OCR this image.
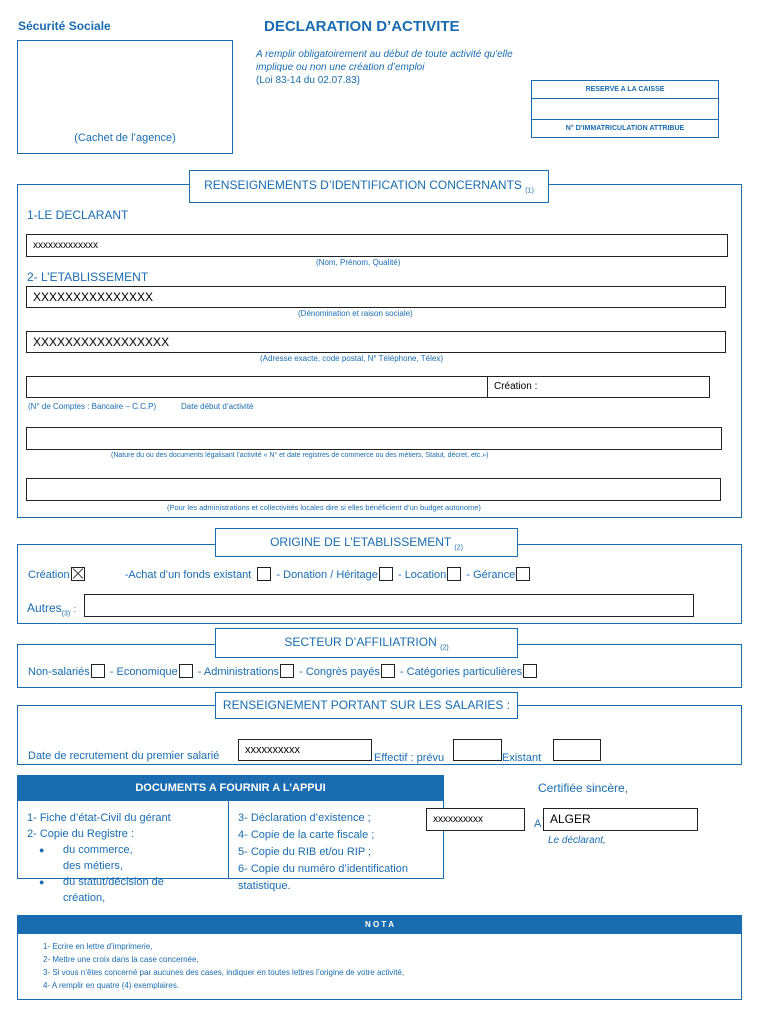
Sécurité Sociale	DECLARATION D’ACTIVITE
(Cachet de l’agence)
A remplir obligatoirement au début de toute activité qu'elle
implique ou non une création d’emploi
(Loi 83-14 du 02.07.83)
RESERVE A LA CAISSE
N° D’IMMATRICULATION ATTRIBUE
RENSEIGNEMENTS D’IDENTIFICATION CONCERNANTS $_{(1)}$
1-LE DECLARANT
xxxxxxxxxxxxx
(Nom, Prénom, Qualité)
2- L’ETABLISSEMENT
XXXXXXXXXXXXXXX
(Dénomination et raison sociale)
XXXXXXXXXXXXXXXXX
(Adresse exacte, code postal, N° Téléphone, Télex)
Création :
(N° de Comptes : Bancaire – C.C.P)	Date début d’activité
(Nature du ou des documents légalisant l’activité « N° et date registres de commerce ou des métiers, Statut, décret, etc.»)
(Pour les administrations et collectivités locales dire si elles bénéficient d’un budget autonome)
ORIGINE DE L’ETABLISSEMENT $_{(2)}$
Création	-Achat d’un fonds existant - Donation / Héritage - Location - Gérance
Autres$_{(3)}$ :
SECTEUR D’AFFILIATRION $_{(2)}$
Non-salariés - Economique - Administrations - Congrès payés - Catégories particulières
RENSEIGNEMENT PORTANT SUR LES SALARIES :
Date de recrutement du premier salarié	xxxxxxxxxx
Effectif : prévu	Existant
DOCUMENTS A FOURNIR A L’APPUI
1- Fiche d’état-Civil du gérant
2- Copie du Registre :
● du commerce,
des métiers,
● du statut/décision de
création,
3- Déclaration d’existence ;
4- Copie de la carte fiscale ;
5- Copie du RIB et/ou RIP ;
6- Copie du numéro d’identification
statistique.
Certifiée sincère,
xxxxxxxxxx	A ALGER
Le déclarant,
N O T A
1- Ecrire en lettre d’imprimerie,
2- Mettre une croix dans la case concernée,
3- Si vous n’êtes concerné par aucunes des cases, indiquer en toutes lettres l’origine de votre activité,
4- A remplir en quatre (4) exemplaires.
